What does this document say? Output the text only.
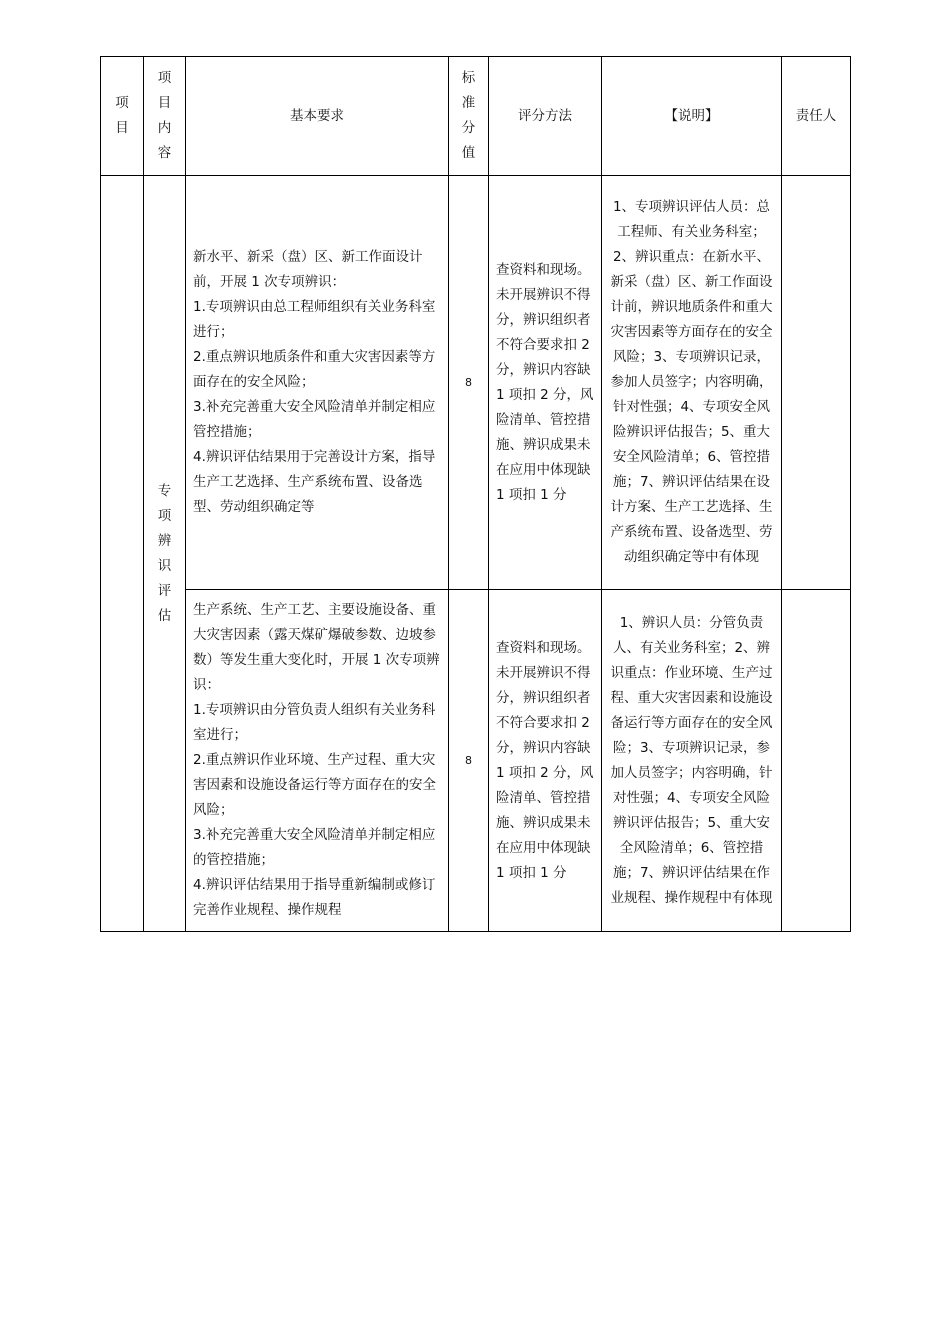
项目	项目内容	基本要求	标准分值	评分方法	【说明】	责任人
	专项辨识评估	新水平、新采（盘）区、新工作面设计前，开展 1 次专项辨识：

1.专项辨识由总工程师组织有关业务科室进行；

2.重点辨识地质条件和重大灾害因素等方面存在的安全风险；

3.补充完善重大安全风险清单并制定相应管控措施；

4.辨识评估结果用于完善设计方案，指导生产工艺选择、生产系统布置、设备选型、劳动组织确定等	8	查资料和现场。未开展辨识不得分，辨识组织者不符合要求扣 2 分，辨识内容缺 1 项扣 2 分，风险清单、管控措施、辨识成果未在应用中体现缺 1 项扣 1 分	1、专项辨识评估人员：总工程师、有关业务科室；2、辨识重点：在新水平、新采（盘）区、新工作面设计前，辨识地质条件和重大灾害因素等方面存在的安全风险；3、专项辨识记录，参加人员签字；内容明确，针对性强；4、专项安全风险辨识评估报告；5、重大安全风险清单；6、管控措施；7、辨识评估结果在设计方案、生产工艺选择、生产系统布置、设备选型、劳动组织确定等中有体现	

		生产系统、生产工艺、主要设施设备、重大灾害因素（露天煤矿爆破参数、边坡参数）等发生重大变化时，开展 1 次专项辨识：

1.专项辨识由分管负责人组织有关业务科室进行；

2.重点辨识作业环境、生产过程、重大灾害因素和设施设备运行等方面存在的安全风险；

3.补充完善重大安全风险清单并制定相应的管控措施；

4.辨识评估结果用于指导重新编制或修订完善作业规程、操作规程	8	查资料和现场。未开展辨识不得分，辨识组织者不符合要求扣 2 分，辨识内容缺 1 项扣 2 分，风险清单、管控措施、辨识成果未在应用中体现缺 1 项扣 1 分	1、辨识人员：分管负责人、有关业务科室；2、辨识重点：作业环境、生产过程、重大灾害因素和设施设备运行等方面存在的安全风险；3、专项辨识记录，参加人员签字；内容明确，针对性强；4、专项安全风险辨识评估报告；5、重大安全风险清单；6、管控措施；7、辨识评估结果在作业规程、操作规程中有体现	
